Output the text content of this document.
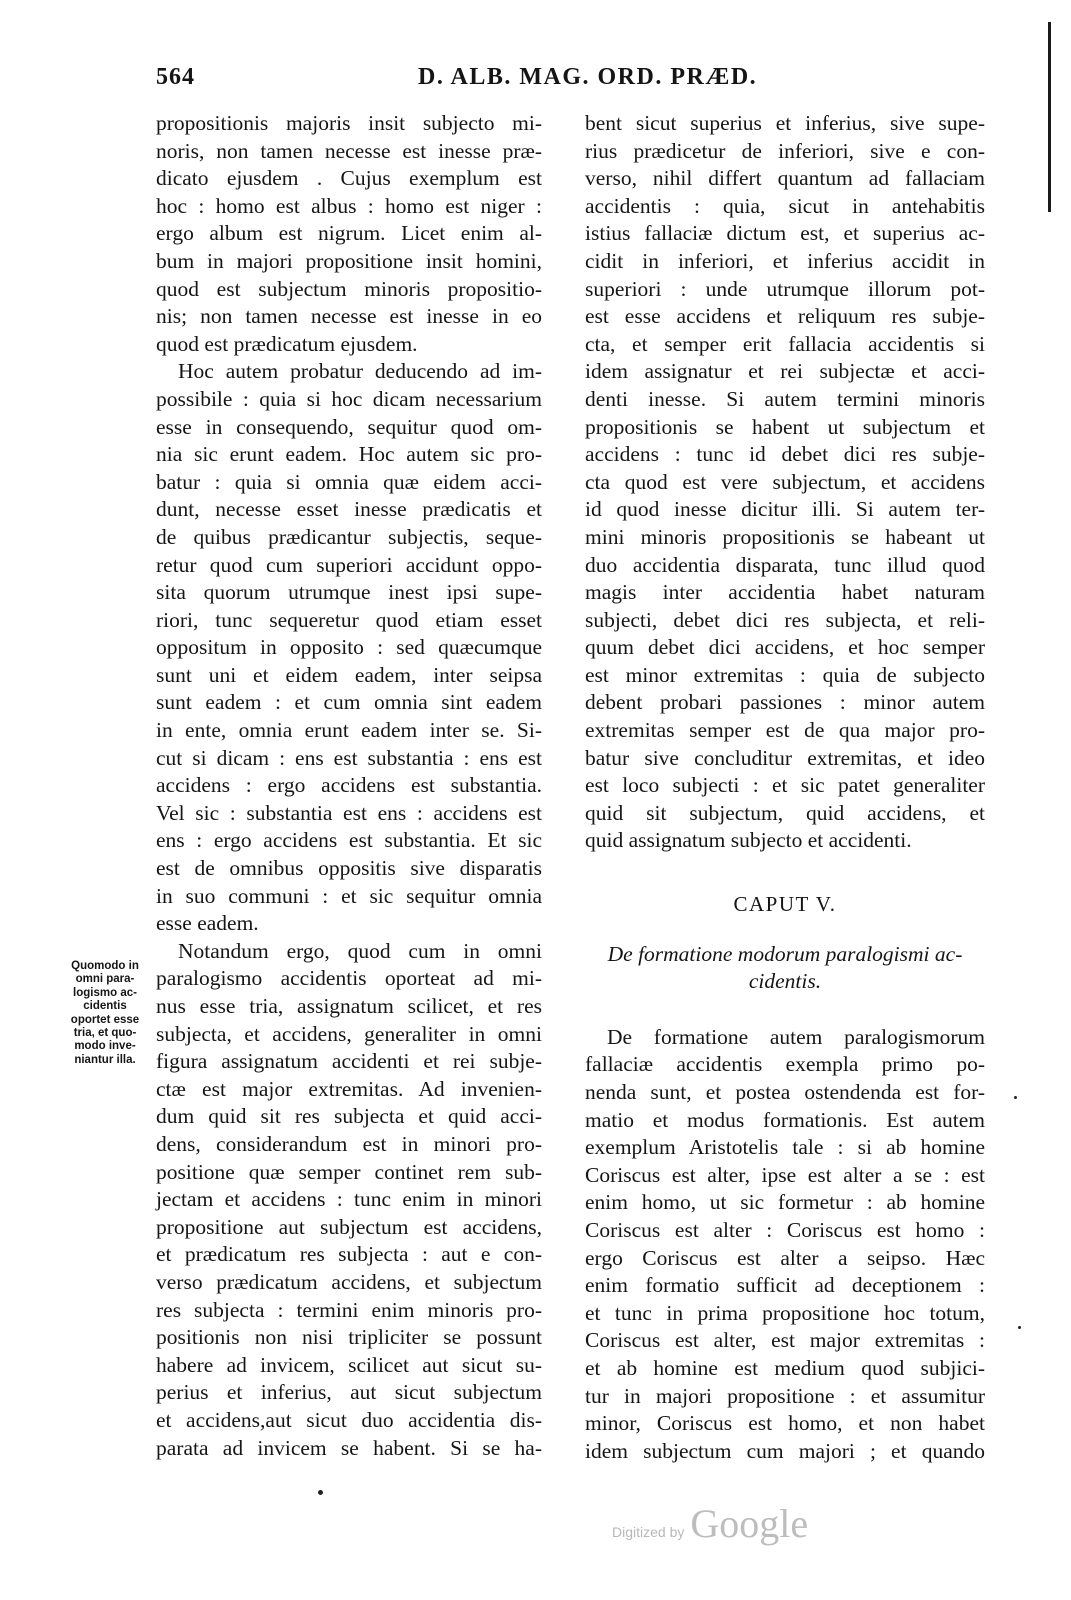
564	D. ALB. MAG. ORD. PRÆD.
propositionis majoris insit subjecto mi-
noris, non tamen necesse est inesse præ-
dicato ejusdem . Cujus exemplum est
hoc : homo est albus : homo est niger :
ergo album est nigrum. Licet enim al-
bum in majori propositione insit homini,
quod est subjectum minoris propositio-
nis; non tamen necesse est inesse in eo
quod est prædicatum ejusdem.
Hoc autem probatur deducendo ad im-
possibile : quia si hoc dicam necessarium
esse in consequendo, sequitur quod om-
nia sic erunt eadem. Hoc autem sic pro-
batur : quia si omnia quæ eidem acci-
dunt, necesse esset inesse prædicatis et
de quibus prædicantur subjectis, seque-
retur quod cum superiori accidunt oppo-
sita quorum utrumque inest ipsi supe-
riori, tunc sequeretur quod etiam esset
oppositum in opposito : sed quæcumque
sunt uni et eidem eadem, inter seipsa
sunt eadem : et cum omnia sint eadem
in ente, omnia erunt eadem inter se. Si-
cut si dicam : ens est substantia : ens est
accidens : ergo accidens est substantia.
Vel sic : substantia est ens : accidens est
ens : ergo accidens est substantia. Et sic
est de omnibus oppositis sive disparatis
in suo communi : et sic sequitur omnia
esse eadem.
Notandum ergo, quod cum in omni
paralogismo accidentis oporteat ad mi-
nus esse tria, assignatum scilicet, et res
subjecta, et accidens, generaliter in omni
figura assignatum accidenti et rei subje-
ctæ est major extremitas. Ad invenien-
dum quid sit res subjecta et quid acci-
dens, considerandum est in minori pro-
positione quæ semper continet rem sub-
jectam et accidens : tunc enim in minori
propositione aut subjectum est accidens,
et prædicatum res subjecta : aut e con-
verso prædicatum accidens, et subjectum
res subjecta : termini enim minoris pro-
positionis non nisi tripliciter se possunt
habere ad invicem, scilicet aut sicut su-
perius et inferius, aut sicut subjectum
et accidens,aut sicut duo accidentia dis-
parata ad invicem se habent. Si se ha-
bent sicut superius et inferius, sive supe-
rius prædicetur de inferiori, sive e con-
verso, nihil differt quantum ad fallaciam
accidentis : quia, sicut in antehabitis
istius fallaciæ dictum est, et superius ac-
cidit in inferiori, et inferius accidit in
superiori : unde utrumque illorum pot-
est esse accidens et reliquum res subje-
cta, et semper erit fallacia accidentis si
idem assignatur et rei subjectæ et acci-
denti inesse. Si autem termini minoris
propositionis se habent ut subjectum et
accidens : tunc id debet dici res subje-
cta quod est vere subjectum, et accidens
id quod inesse dicitur illi. Si autem ter-
mini minoris propositionis se habeant ut
duo accidentia disparata, tunc illud quod
magis inter accidentia habet naturam
subjecti, debet dici res subjecta, et reli-
quum debet dici accidens, et hoc semper
est minor extremitas : quia de subjecto
debent probari passiones : minor autem
extremitas semper est de qua major pro-
batur sive concluditur extremitas, et ideo
est loco subjecti : et sic patet generaliter
quid sit subjectum, quid accidens, et
quid assignatum subjecto et accidenti.
CAPUT V.
De formatione modorum paralogismi ac-
cidentis.
De formatione autem paralogismorum
fallaciæ accidentis exempla primo po-
nenda sunt, et postea ostendenda est for-
matio et modus formationis. Est autem
exemplum Aristotelis tale : si ab homine
Coriscus est alter, ipse est alter a se : est
enim homo, ut sic formetur : ab homine
Coriscus est alter : Coriscus est homo :
ergo Coriscus est alter a seipso. Hæc
enim formatio sufficit ad deceptionem :
et tunc in prima propositione hoc totum,
Coriscus est alter, est major extremitas :
et ab homine est medium quod subjici-
tur in majori propositione : et assumitur
minor, Coriscus est homo, et non habet
idem subjectum cum majori ; et quando
Quomodo in
omni para-
logismo ac-
cidentis
oportet esse
tria, et quo-
modo inve-
niantur illa.
Digitized by Google
